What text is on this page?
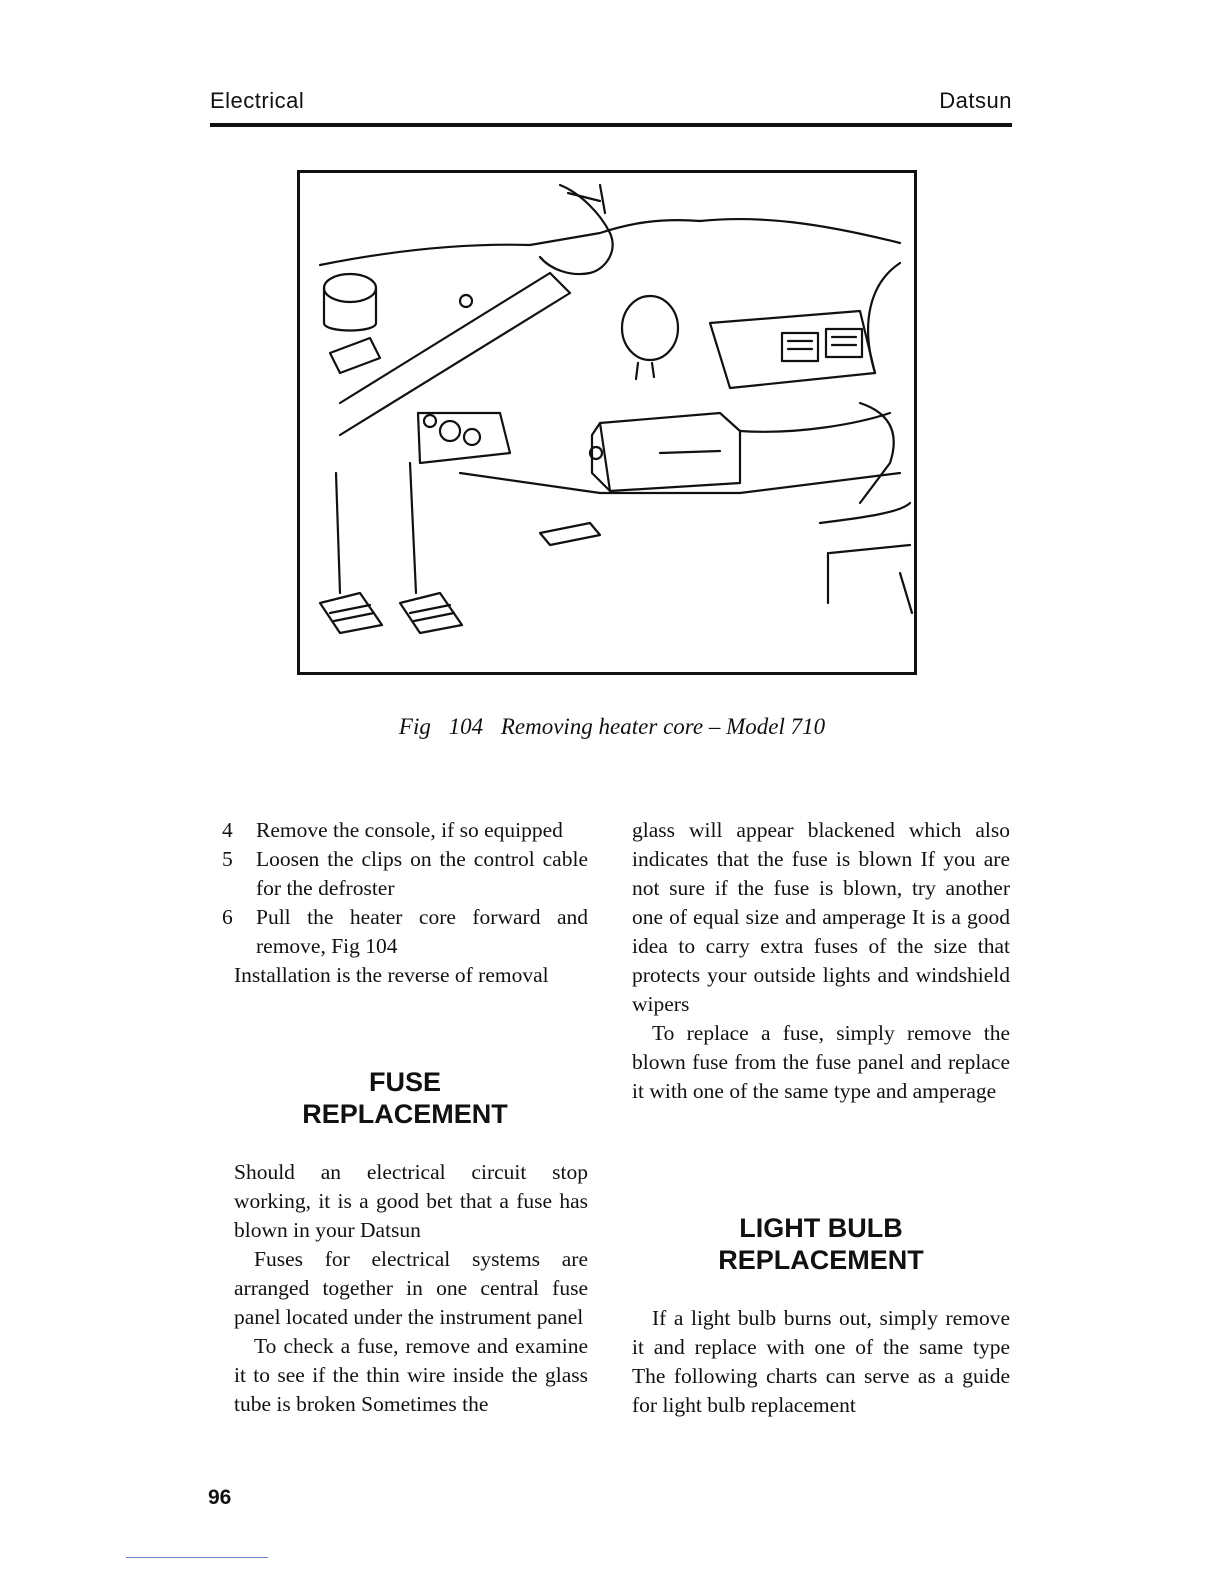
Electrical	Datsun
Fig 104 Removing heater core – Model 710
4	Remove the console, if so equipped
5	Loosen the clips on the control cable for the defroster
6	Pull the heater core forward and remove, Fig 104

Installation is the reverse of removal

FUSE
REPLACEMENT

Should an electrical circuit stop working, it is a good bet that a fuse has blown in your Datsun

Fuses for electrical systems are arranged together in one central fuse panel located under the instrument panel

To check a fuse, remove and examine it to see if the thin wire inside the glass tube is broken Sometimes the

glass will appear blackened which also indicates that the fuse is blown If you are not sure if the fuse is blown, try another one of equal size and amperage It is a good idea to carry extra fuses of the size that protects your outside lights and windshield wipers

To replace a fuse, simply remove the blown fuse from the fuse panel and replace it with one of the same type and amperage

LIGHT BULB
REPLACEMENT

If a light bulb burns out, simply remove it and replace with one of the same type The following charts can serve as a guide for light bulb replacement

96
